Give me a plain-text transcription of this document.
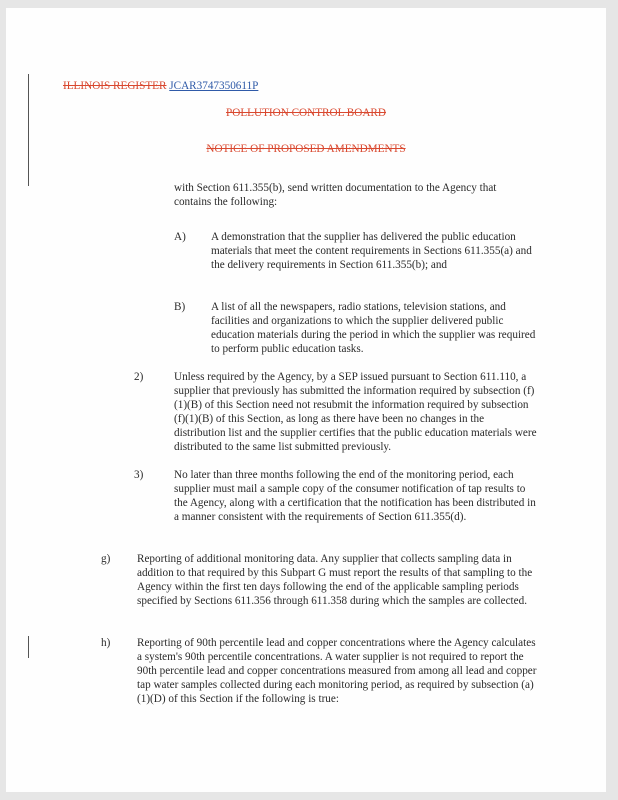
ILLINOIS REGISTER JCAR3747350611P
POLLUTION CONTROL BOARD
NOTICE OF PROPOSED AMENDMENTS

with Section 611.355(b), send written documentation to the Agency that contains the following:

A) A demonstration that the supplier has delivered the public education materials that meet the content requirements in Sections 611.355(a) and the delivery requirements in Section 611.355(b); and

B) A list of all the newspapers, radio stations, television stations, and facilities and organizations to which the supplier delivered public education materials during the period in which the supplier was required to perform public education tasks.

2)	Unless required by the Agency, by a SEP issued pursuant to Section 611.110, a supplier that previously has submitted the information required by subsection (f)(1)(B) of this Section need not resubmit the information required by subsection (f)(1)(B) of this Section, as long as there have been no changes in the distribution list and the supplier certifies that the public education materials were distributed to the same list submitted previously.

3)	No later than three months following the end of the monitoring period, each supplier must mail a sample copy of the consumer notification of tap results to the Agency, along with a certification that the notification has been distributed in a manner consistent with the requirements of Section 611.355(d).

g) Reporting of additional monitoring data. Any supplier that collects sampling data in addition to that required by this Subpart G must report the results of that sampling to the Agency within the first ten days following the end of the applicable sampling periods specified by Sections 611.356 through 611.358 during which the samples are collected.

h) Reporting of 90th percentile lead and copper concentrations where the Agency calculates a system's 90th percentile concentrations. A water supplier is not required to report the 90th percentile lead and copper concentrations measured from among all lead and copper tap water samples collected during each monitoring period, as required by subsection (a)(1)(D) of this Section if the following is true:
